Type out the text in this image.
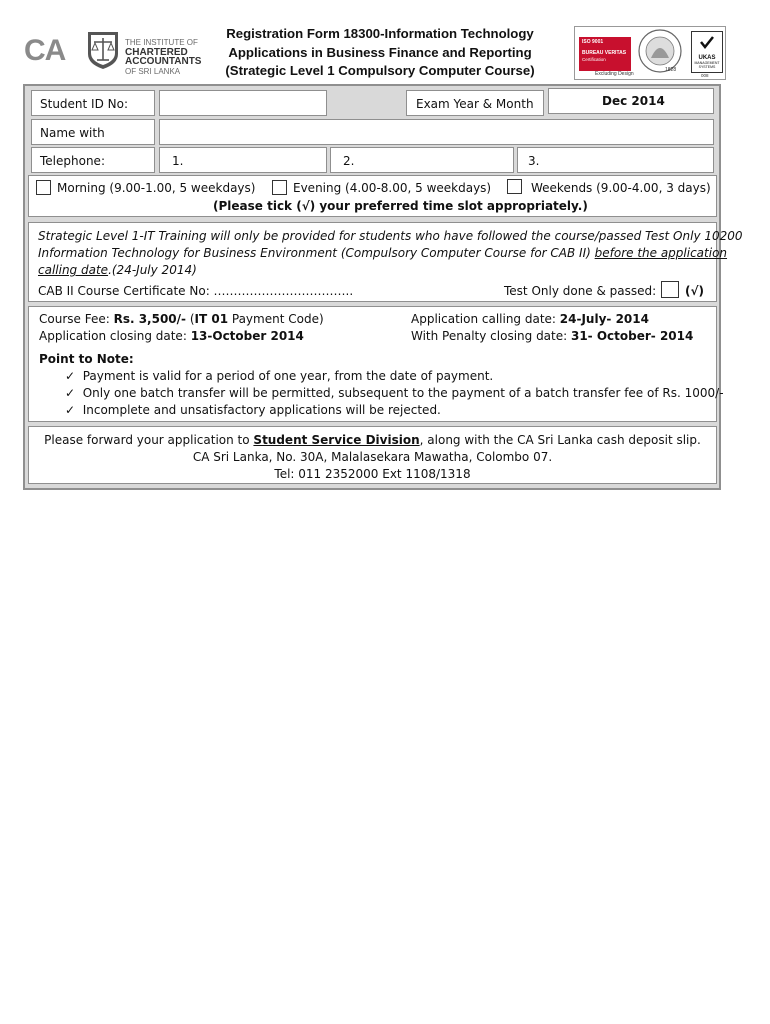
CA	THE INSTITUTE OF
CHARTERED ACCOUNTANTS
OF SRI LANKA
Registration Form 18300-Information Technology
Applications in Business Finance and Reporting
(Strategic Level 1 Compulsory Computer Course)
ISO 9001
BUREAU VERITAS
Certification
1828
UKAS
MANAGEMENT SYSTEMS
Excluding Design	008
Student ID No:	Exam Year & Month	Dec 2014
Name with
Telephone:	1.	2.	3.
Morning (9.00-1.00, 5 weekdays)	Evening (4.00-8.00, 5 weekdays)	Weekends (9.00-4.00, 3 days)
(Please tick (√) your preferred time slot appropriately.)
Strategic Level 1-IT Training will only be provided for students who have followed the course/passed Test Only 10200
Information Technology for Business Environment (Compulsory Computer Course for CAB II) before the application
calling date.(24-July 2014)
CAB II Course Certificate No: ……………………………..	Test Only done & passed: (√)
Course Fee: Rs. 3,500/- (IT 01 Payment Code)
Application closing date: 13-October 2014
Application calling date: 24-July- 2014
With Penalty closing date: 31- October- 2014
Point to Note:
✓ Payment is valid for a period of one year, from the date of payment.
✓ Only one batch transfer will be permitted, subsequent to the payment of a batch transfer fee of Rs. 1000/-
✓ Incomplete and unsatisfactory applications will be rejected.
Please forward your application to Student Service Division, along with the CA Sri Lanka cash deposit slip.
CA Sri Lanka, No. 30A, Malalasekara Mawatha, Colombo 07.
Tel: 011 2352000 Ext 1108/1318
